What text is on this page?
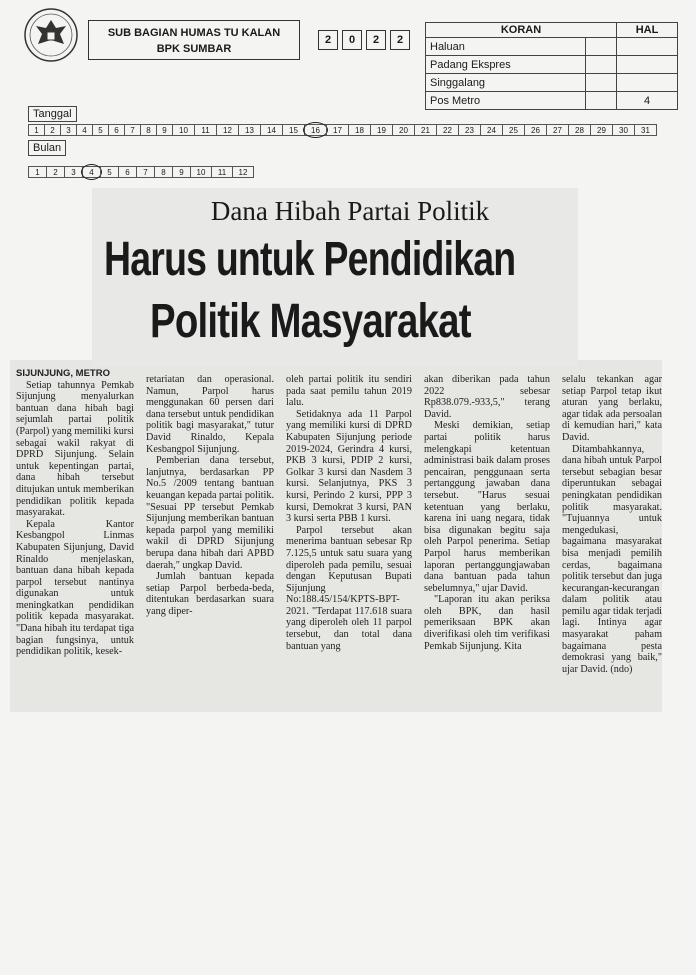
SUB BAGIAN HUMAS TU KALAN
BPK SUMBAR
2	0	2	2
KORAN		HAL
Haluan		
Padang Ekspres		
Singgalang		
Pos Metro		4
Tanggal
1	2	3	4	5	6	7	8	9	10	11	12	13	14	15	16	17	18	19	20	21	22	23	24	25	26	27	28	29	30	31
Bulan
1	2	3	4	5	6	7	8	9	10	11	12
Dana Hibah Partai Politik
Harus untuk Pendidikan
Politik Masyarakat

SIJUNJUNG, METRO

Setiap tahunnya Pemkab Sijunjung menyalurkan bantuan dana hibah bagi sejumlah partai politik (Parpol) yang memiliki kursi sebagai wakil rakyat di DPRD Sijunjung. Selain untuk kepentingan partai, dana hibah tersebut ditujukan untuk memberikan pendidikan politik kepada masyarakat.

Kepala Kantor Kesbangpol Linmas Kabupaten Sijunjung, David Rinaldo menjelaskan, bantuan dana hibah kepada parpol tersebut nantinya digunakan untuk meningkatkan pendidikan politik kepada masyarakat. "Dana hibah itu terdapat tiga bagian fungsinya, untuk pendidikan politik, kesek-

retariatan dan operasional. Namun, Parpol harus menggunakan 60 persen dari dana tersebut untuk pendidikan politik bagi masyarakat," tutur David Rinaldo, Kepala Kesbangpol Sijunjung.

Pemberian dana tersebut, lanjutnya, berdasarkan PP No.5 /2009 tentang bantuan keuangan kepada partai politik. "Sesuai PP tersebut Pemkab Sijunjung memberikan bantuan kepada parpol yang memiliki wakil di DPRD Sijunjung berupa dana hibah dari APBD daerah," ungkap David.

Jumlah bantuan kepada setiap Parpol berbeda-beda, ditentukan berdasarkan suara yang diper-

oleh partai politik itu sendiri pada saat pemilu tahun 2019 lalu.

Setidaknya ada 11 Parpol yang memiliki kursi di DPRD Kabupaten Sijunjung periode 2019-2024, Gerindra 4 kursi, PKB 3 kursi, PDIP 2 kursi, Golkar 3 kursi dan Nasdem 3 kursi. Selanjutnya, PKS 3 kursi, Perindo 2 kursi, PPP 3 kursi, Demokrat 3 kursi, PAN 3 kursi serta PBB 1 kursi.

Parpol tersebut akan menerima bantuan sebesar Rp 7.125,5 untuk satu suara yang diperoleh pada pemilu, sesuai dengan Keputusan Bupati Sijunjung No:188.45/154/KPTS-BPT-2021. "Terdapat 117.618 suara yang diperoleh oleh 11 parpol tersebut, dan total dana bantuan yang

akan diberikan pada tahun 2022 sebesar Rp838.079.-933,5," terang David.

Meski demikian, setiap partai politik harus melengkapi ketentuan administrasi baik dalam proses pencairan, penggunaan serta pertanggung jawaban dana tersebut. "Harus sesuai ketentuan yang berlaku, karena ini uang negara, tidak bisa digunakan begitu saja oleh Parpol penerima. Setiap Parpol harus memberikan laporan pertanggungjawaban dana bantuan pada tahun sebelumnya," ujar David.

"Laporan itu akan periksa oleh BPK, dan hasil pemeriksaan BPK akan diverifikasi oleh tim verifikasi Pemkab Sijunjung. Kita

selalu tekankan agar setiap Parpol tetap ikut aturan yang berlaku, agar tidak ada persoalan di kemudian hari," kata David.

Ditambahkannya, dana hibah untuk Parpol tersebut sebagian besar diperuntukan sebagai peningkatan pendidikan politik masyarakat. "Tujuannya untuk mengedukasi, bagaimana masyarakat bisa menjadi pemilih cerdas, bagaimana politik tersebut dan juga kecurangan-kecurangan dalam politik atau pemilu agar tidak terjadi lagi. Intinya agar masyarakat paham bagaimana pesta demokrasi yang baik," ujar David. (ndo)
